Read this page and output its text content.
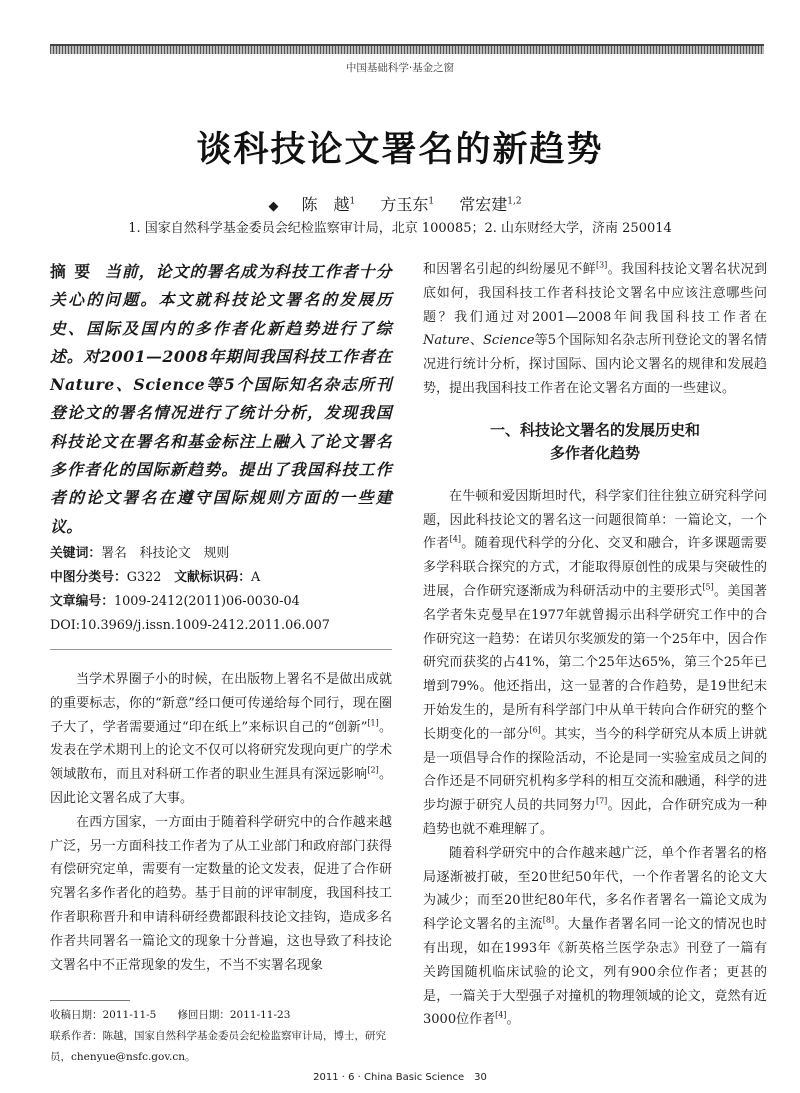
中国基础科学·基金之窗
谈科技论文署名的新趋势
◆ 陈　越$^1$ 方玉东$^1$ 常宏建$^{1,2}$
1. 国家自然科学基金委员会纪检监察审计局，北京 100085；2. 山东财经大学，济南 250014

摘要 当前，论文的署名成为科技工作者十分关心的问题。本文就科技论文署名的发展历史、国际及国内的多作者化新趋势进行了综述。对2001—2008年期间我国科技工作者在Nature、Science等5个国际知名杂志所刊登论文的署名情况进行了统计分析，发现我国科技论文在署名和基金标注上融入了论文署名多作者化的国际新趋势。提出了我国科技工作者的论文署名在遵守国际规则方面的一些建议。

关键词：署名　科技论文　规则

中图分类号：G322　 文献标识码：A

文章编号：1009-2412(2011)06-0030-04

DOI:10.3969/j.issn.1009-2412.2011.06.007

当学术界圈子小的时候，在出版物上署名不是做出成就的重要标志，你的“新意”经口便可传递给每个同行，现在圈子大了，学者需要通过“印在纸上”来标识自己的“创新”[1]。发表在学术期刊上的论文不仅可以将研究发现向更广的学术领域散布，而且对科研工作者的职业生涯具有深远影响[2]。因此论文署名成了大事。

在西方国家，一方面由于随着科学研究中的合作越来越广泛，另一方面科技工作者为了从工业部门和政府部门获得有偿研究定单，需要有一定数量的论文发表，促进了合作研究署名多作者化的趋势。基于目前的评审制度，我国科技工作者职称晋升和申请科研经费都跟科技论文挂钩，造成多名作者共同署名一篇论文的现象十分普遍，这也导致了科技论文署名中不正常现象的发生，不当不实署名现象

收稿日期：2011-11-5　　 修回日期：2011-11-23

联系作者：陈越，国家自然科学基金委员会纪检监察审计局，博士，研究员，chenyue@nsfc.gov.cn。

和因署名引起的纠纷屡见不鲜[3]。我国科技论文署名状况到底如何，我国科技工作者科技论文署名中应该注意哪些问题？我们通过对2001—2008年间我国科技工作者在Nature、Science等5个国际知名杂志所刊登论文的署名情况进行统计分析，探讨国际、国内论文署名的规律和发展趋势，提出我国科技工作者在论文署名方面的一些建议。

一、科技论文署名的发展历史和
多作者化趋势

在牛顿和爱因斯坦时代，科学家们往往独立研究科学问题，因此科技论文的署名这一问题很简单：一篇论文，一个作者[4]。随着现代科学的分化、交叉和融合，许多课题需要多学科联合探究的方式，才能取得原创性的成果与突破性的进展，合作研究逐渐成为科研活动中的主要形式[5]。美国著名学者朱克曼早在1977年就曾揭示出科学研究工作中的合作研究这一趋势：在诺贝尔奖颁发的第一个25年中，因合作研究而获奖的占41%，第二个25年达65%，第三个25年已增到79%。他还指出，这一显著的合作趋势，是19世纪末开始发生的，是所有科学部门中从单干转向合作研究的整个长期变化的一部分[6]。其实，当今的科学研究从本质上讲就是一项倡导合作的探险活动，不论是同一实验室成员之间的合作还是不同研究机构多学科的相互交流和融通，科学的进步均源于研究人员的共同努力[7]。因此，合作研究成为一种趋势也就不难理解了。

随着科学研究中的合作越来越广泛，单个作者署名的格局逐渐被打破，至20世纪50年代，一个作者署名的论文大为减少；而至20世纪80年代，多名作者署名一篇论文成为科学论文署名的主流[8]。大量作者署名同一论文的情况也时有出现，如在1993年《新英格兰医学杂志》刊登了一篇有关跨国随机临床试验的论文，列有900余位作者；更甚的是，一篇关于大型强子对撞机的物理领域的论文，竟然有近3000位作者[4]。

2011 · 6 · China Basic Science　30
